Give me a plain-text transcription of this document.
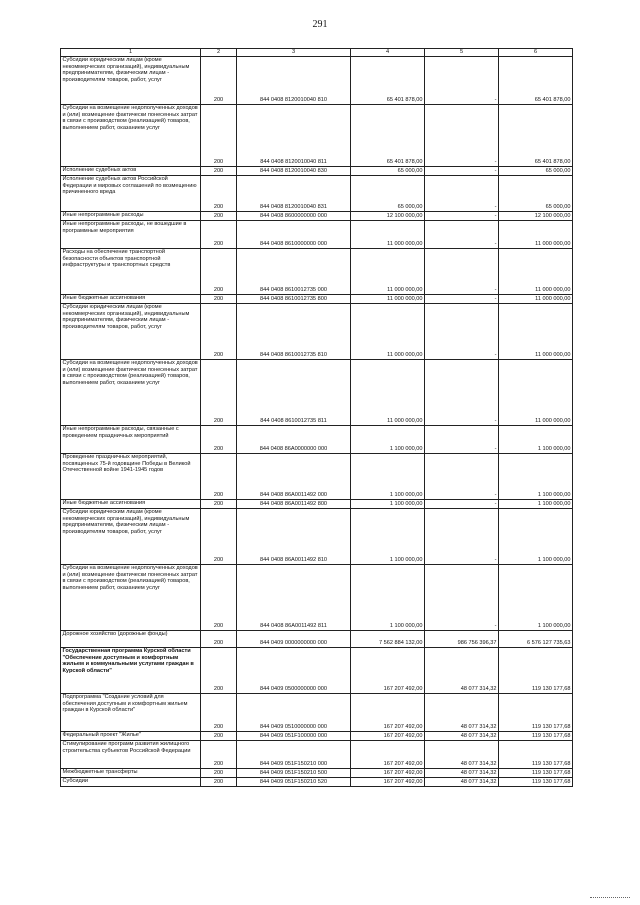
291
1	2	3	4	5	6
Субсидии юридическим лицам (кроме некоммерческих организаций), индивидуальным предпринимателям, физическим лицам - производителям товаров, работ, услуг	200	844 0408 8120010040 810	65 401 878,00	-	65 401 878,00
Субсидии на возмещение недополученных доходов и (или) возмещение фактически понесенных затрат в связи с производством (реализацией) товаров, выполнением работ, оказанием услуг	200	844 0408 8120010040 811	65 401 878,00	-	65 401 878,00
Исполнение судебных актов	200	844 0408 8120010040 830	65 000,00	-	65 000,00
Исполнение судебных актов Российской Федерации и мировых соглашений по возмещению причиненного вреда	200	844 0408 8120010040 831	65 000,00	-	65 000,00
Иные непрограммные расходы	200	844 0408 8600000000 000	12 100 000,00	-	12 100 000,00
Иные непрограммные расходы, не вошедшие в программные мероприятия	200	844 0408 8610000000 000	11 000 000,00	-	11 000 000,00
Расходы на обеспечение транспортной безопасности объектов транспортной инфраструктуры и транспортных средств	200	844 0408 8610012735 000	11 000 000,00	-	11 000 000,00
Иные бюджетные ассигнования	200	844 0408 8610012735 800	11 000 000,00	-	11 000 000,00
Субсидии юридическим лицам (кроме некоммерческих организаций), индивидуальным предпринимателям, физическим лицам - производителям товаров, работ, услуг	200	844 0408 8610012735 810	11 000 000,00	-	11 000 000,00
Субсидии на возмещение недополученных доходов и (или) возмещение фактически понесенных затрат в связи с производством (реализацией) товаров, выполнением работ, оказанием услуг	200	844 0408 8610012735 811	11 000 000,00	-	11 000 000,00
Иные непрограммные расходы, связанные с проведением праздничных мероприятий	200	844 0408 86А0000000 000	1 100 000,00	-	1 100 000,00
Проведение праздничных мероприятий, посвященных 75-й годовщине Победы в Великой Отечественной войне 1941-1945 годов	200	844 0408 86А0011492 000	1 100 000,00	-	1 100 000,00
Иные бюджетные ассигнования	200	844 0408 86А0011492 800	1 100 000,00	-	1 100 000,00
Субсидии юридическим лицам (кроме некоммерческих организаций), индивидуальным предпринимателям, физическим лицам - производителям товаров, работ, услуг	200	844 0408 86А0011492 810	1 100 000,00	-	1 100 000,00
Субсидии на возмещение недополученных доходов и (или) возмещение фактически понесенных затрат в связи с производством (реализацией) товаров, выполнением работ, оказанием услуг	200	844 0408 86А0011492 811	1 100 000,00	-	1 100 000,00
Дорожное хозяйство (дорожные фонды)	200	844 0409 0000000000 000	7 562 884 132,00	986 756 396,37	6 576 127 735,63
Государственная программа Курской области "Обеспечение доступным и комфортным жильем и коммунальными услугами граждан в Курской области"	200	844 0409 0500000000 000	167 207 492,00	48 077 314,32	119 130 177,68
Подпрограмма "Создание условий для обеспечения доступным и комфортным жильем граждан в Курской области"	200	844 0409 0510000000 000	167 207 492,00	48 077 314,32	119 130 177,68
Федеральный проект "Жилье"	200	844 0409 051F100000 000	167 207 492,00	48 077 314,32	119 130 177,68
Стимулирование программ развития жилищного строительства субъектов Российской Федерации	200	844 0409 051F150210 000	167 207 492,00	48 077 314,32	119 130 177,68
Межбюджетные трансферты	200	844 0409 051F150210 500	167 207 492,00	48 077 314,32	119 130 177,68
Субсидии	200	844 0409 051F150210 520	167 207 492,00	48 077 314,32	119 130 177,68
